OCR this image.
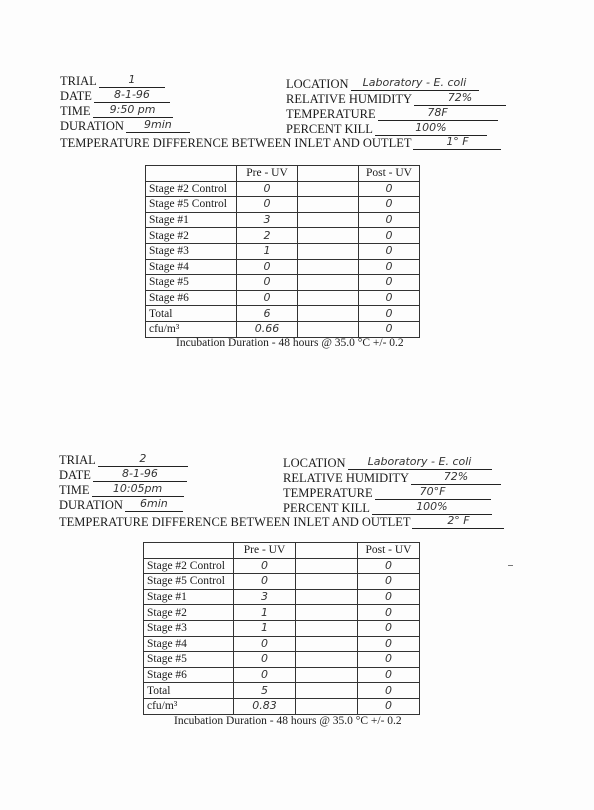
TRIAL	1
DATE 8-1-96
TIME 9:50 pm
DURATION 9min
LOCATION Laboratory - E. coli
RELATIVE HUMIDITY	72%
TEMPERATURE	78F
PERCENT KILL	100%
TEMPERATURE DIFFERENCE BETWEEN INLET AND OUTLET	1° F
	Pre - UV		Post - UV
Stage #2 Control	0		0
Stage #5 Control	0		0
Stage #1	3		0
Stage #2	2		0
Stage #3	1		0
Stage #4	0		0
Stage #5	0		0
Stage #6	0		0
Total	6		0
cfu/m³	0.66		0
Incubation Duration - 48 hours @ 35.0 °C +/- 0.2
TRIAL	2
DATE	8-1-96
TIME 10:05pm
DURATION 6min
LOCATION Laboratory - E. coli
RELATIVE HUMIDITY	72%
TEMPERATURE	70°F
PERCENT KILL	100%
TEMPERATURE DIFFERENCE BETWEEN INLET AND OUTLET	2° F
	Pre - UV		Post - UV
Stage #2 Control	0		0
Stage #5 Control	0		0
Stage #1	3		0
Stage #2	1		0
Stage #3	1		0
Stage #4	0		0
Stage #5	0		0
Stage #6	0		0
Total	5		0
cfu/m³	0.83		0
Incubation Duration - 48 hours @ 35.0 °C +/- 0.2
